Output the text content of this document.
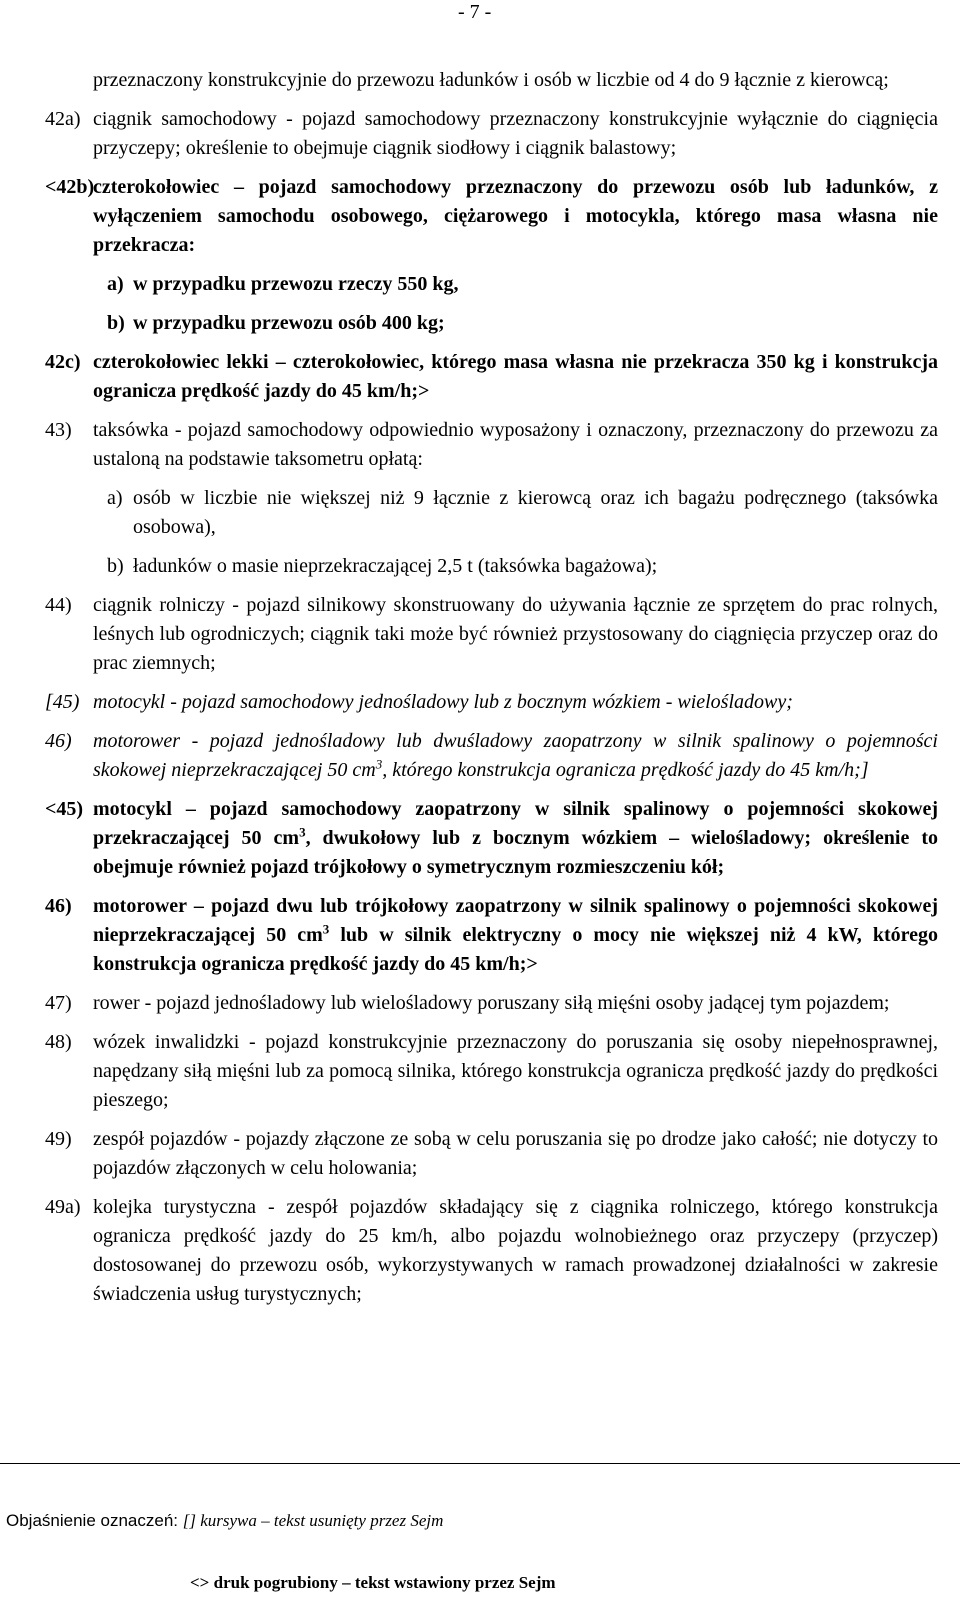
- 7 -
przeznaczony konstrukcyjnie do przewozu ładunków i osób w liczbie od 4 do 9 łącznie z kierowcą;
42a) ciągnik samochodowy - pojazd samochodowy przeznaczony konstrukcyjnie wyłącznie do ciągnięcia przyczepy; określenie to obejmuje ciągnik siodłowy i ciągnik balastowy;
<42b)
czterokołowiec – pojazd samochodowy przeznaczony do przewozu osób lub ładunków, z wyłączeniem samochodu osobowego, ciężarowego i motocykla, którego masa własna nie przekracza:
a) w przypadku przewozu rzeczy 550 kg,
b) w przypadku przewozu osób 400 kg;
42c) czterokołowiec lekki – czterokołowiec, którego masa własna nie przekracza 350 kg i konstrukcja ogranicza prędkość jazdy do 45 km/h;>
43) taksówka - pojazd samochodowy odpowiednio wyposażony i oznaczony, przeznaczony do przewozu za ustaloną na podstawie taksometru opłatą:
a) osób w liczbie nie większej niż 9 łącznie z kierowcą oraz ich bagażu podręcznego (taksówka osobowa),
b) ładunków o masie nieprzekraczającej 2,5 t (taksówka bagażowa);
44) ciągnik rolniczy - pojazd silnikowy skonstruowany do używania łącznie ze sprzętem do prac rolnych, leśnych lub ogrodniczych; ciągnik taki może być również przystosowany do ciągnięcia przyczep oraz do prac ziemnych;
[45) motocykl - pojazd samochodowy jednośladowy lub z bocznym wózkiem - wielośladowy;
46) motorower - pojazd jednośladowy lub dwuśladowy zaopatrzony w silnik spalinowy o pojemności skokowej nieprzekraczającej 50 $cm^3$, którego konstrukcja ogranicza prędkość jazdy do 45 km/h;]
<45) motocykl – pojazd samochodowy zaopatrzony w silnik spalinowy o pojemności skokowej przekraczającej 50 $cm^3$, dwukołowy lub z bocznym wózkiem – wielośladowy; określenie to obejmuje również pojazd trójkołowy o symetrycznym rozmieszczeniu kół;
46) motorower – pojazd dwu lub trójkołowy zaopatrzony w silnik spalinowy o pojemności skokowej nieprzekraczającej 50 $cm^3$ lub w silnik elektryczny o mocy nie większej niż 4 kW, którego konstrukcja ogranicza prędkość jazdy do 45 km/h;>
47) rower - pojazd jednośladowy lub wielośladowy poruszany siłą mięśni osoby jadącej tym pojazdem;
48) wózek inwalidzki - pojazd konstrukcyjnie przeznaczony do poruszania się osoby niepełnosprawnej, napędzany siłą mięśni lub za pomocą silnika, którego konstrukcja ogranicza prędkość jazdy do prędkości pieszego;
49) zespół pojazdów - pojazdy złączone ze sobą w celu poruszania się po drodze jako całość; nie dotyczy to pojazdów złączonych w celu holowania;
49a) kolejka turystyczna - zespół pojazdów składający się z ciągnika rolniczego, którego konstrukcja ogranicza prędkość jazdy do 25 km/h, albo pojazdu wolnobieżnego oraz przyczepy (przyczep) dostosowanej do przewozu osób, wykorzystywanych w ramach prowadzonej działalności w zakresie świadczenia usług turystycznych;
Objaśnienie oznaczeń: [] kursywa – tekst usunięty przez Sejm
<> druk pogrubiony – tekst wstawiony przez Sejm
